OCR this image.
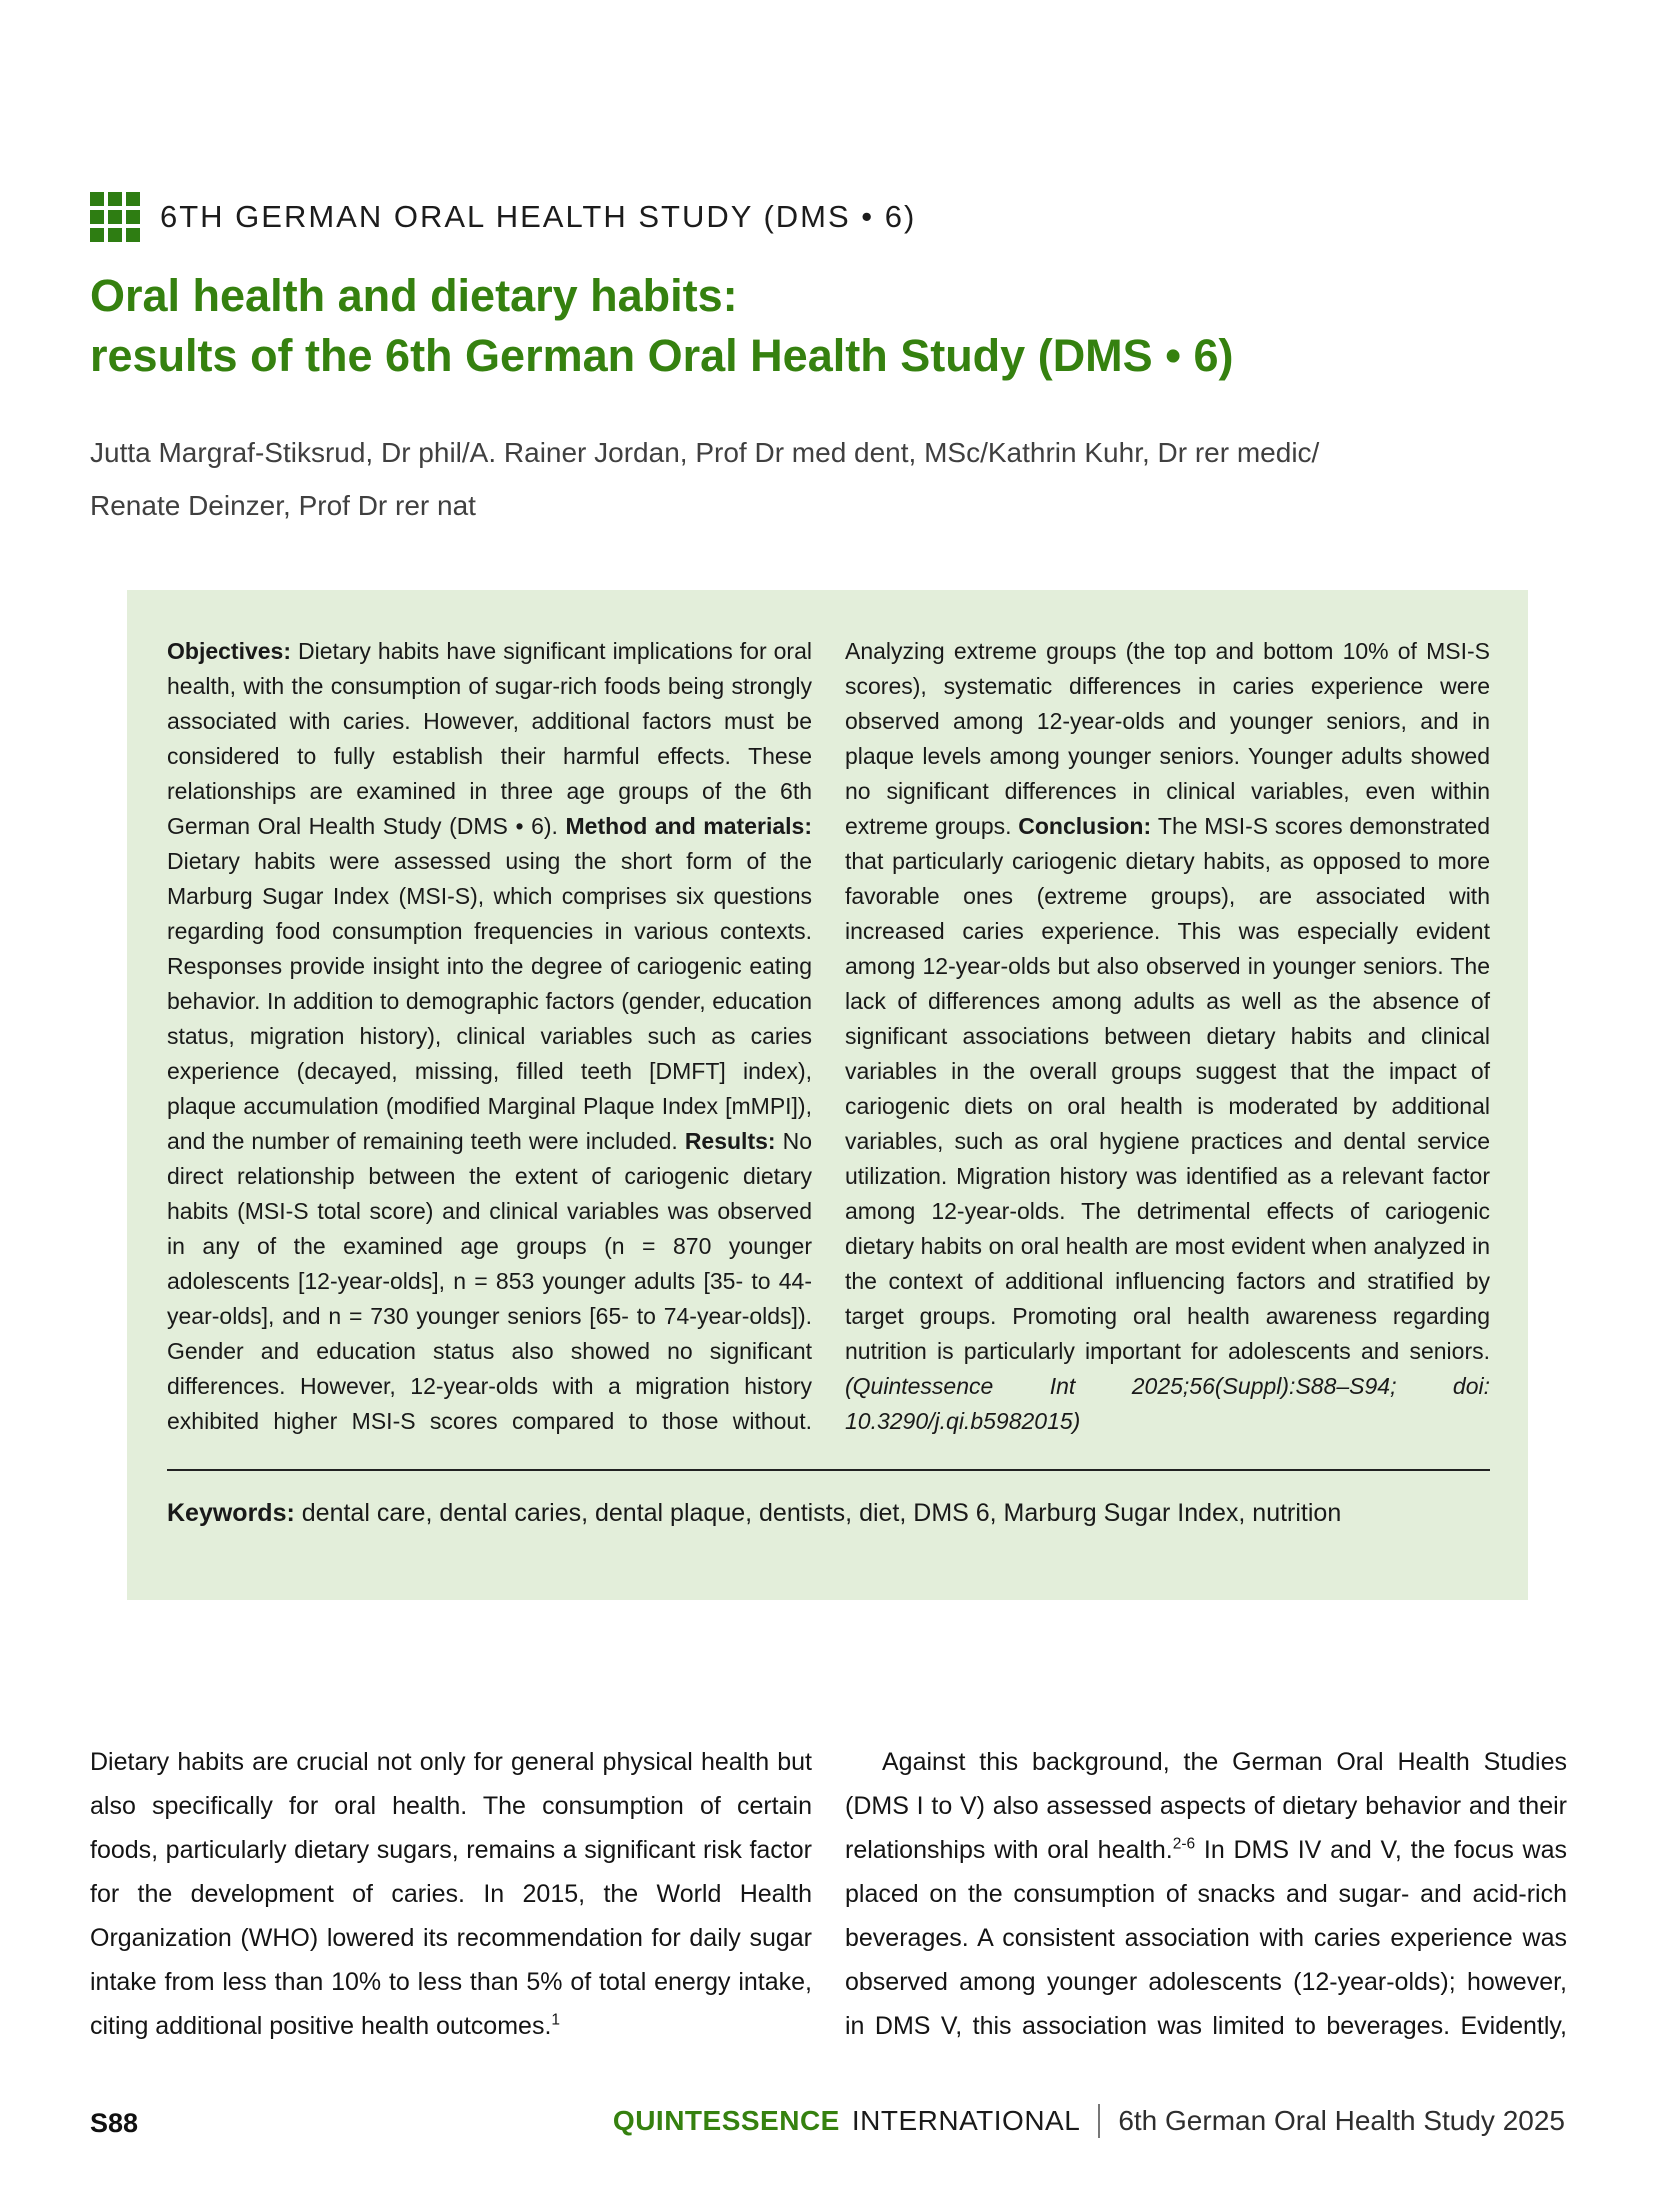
6TH GERMAN ORAL HEALTH STUDY (DMS • 6)
Oral health and dietary habits:
results of the 6th German Oral Health Study (DMS • 6)
Jutta Margraf-Stiksrud, Dr phil/A. Rainer Jordan, Prof Dr med dent, MSc/Kathrin Kuhr, Dr rer medic/
Renate Deinzer, Prof Dr rer nat

Objectives: Dietary habits have significant implications for oral health, with the consumption of sugar-rich foods being strongly associated with caries. However, additional factors must be considered to fully establish their harmful effects. These relationships are examined in three age groups of the 6th German Oral Health Study (DMS • 6). Method and materials: Dietary habits were assessed using the short form of the Marburg Sugar Index (MSI-S), which comprises six questions regarding food consumption frequencies in various contexts. Responses provide insight into the degree of cariogenic eating behavior. In addition to demographic factors (gender, education status, migration history), clinical variables such as caries experience (decayed, missing, filled teeth [DMFT] index), plaque accumulation (modified Marginal Plaque Index [mMPI]), and the number of remaining teeth were included. Results: No direct relationship between the extent of cariogenic dietary habits (MSI-S total score) and clinical variables was observed in any of the examined age groups (n = 870 younger adolescents [12-year-olds], n = 853 younger adults [35- to 44-year-olds], and n = 730 younger seniors [65- to 74-year-olds]). Gender and education status also showed no significant differences. However, 12-year-olds with a migration history exhibited higher MSI-S scores compared to those without. Analyzing extreme groups (the top and bottom 10% of MSI-S scores), systematic differences in caries experience were observed among 12-year-olds and younger seniors, and in plaque levels among younger seniors. Younger adults showed no significant differences in clinical variables, even within extreme groups. Conclusion: The MSI-S scores demonstrated that particularly cariogenic dietary habits, as opposed to more favorable ones (extreme groups), are associated with increased caries experience. This was especially evident among 12-year-olds but also observed in younger seniors. The lack of differences among adults as well as the absence of significant associations between dietary habits and clinical variables in the overall groups suggest that the impact of cariogenic diets on oral health is moderated by additional variables, such as oral hygiene practices and dental service utilization. Migration history was identified as a relevant factor among 12-year-olds. The detrimental effects of cariogenic dietary habits on oral health are most evident when analyzed in the context of additional influencing factors and stratified by target groups. Promoting oral health awareness regarding nutrition is particularly important for adolescents and seniors. (Quintessence Int 2025;56(Suppl):S88–S94; doi: 10.3290/j.qi.b5982015)

Keywords: dental care, dental caries, dental plaque, dentists, diet, DMS 6, Marburg Sugar Index, nutrition

Dietary habits are crucial not only for general physical health but also specifically for oral health. The consumption of certain foods, particularly dietary sugars, remains a significant risk factor for the development of caries. In 2015, the World Health Organization (WHO) lowered its recommendation for daily sugar intake from less than 10% to less than 5% of total energy intake, citing additional positive health outcomes.$^1$

Against this background, the German Oral Health Studies (DMS I to V) also assessed aspects of dietary behavior and their relationships with oral health.$^{2-6}$ In DMS IV and V, the focus was placed on the consumption of snacks and sugar- and acid-rich beverages. A consistent association with caries experience was observed among younger adolescents (12-year-olds); however, in DMS V, this association was limited to beverages. Evidently,

S88	QUINTESSENCE INTERNATIONAL 6th German Oral Health Study 2025
